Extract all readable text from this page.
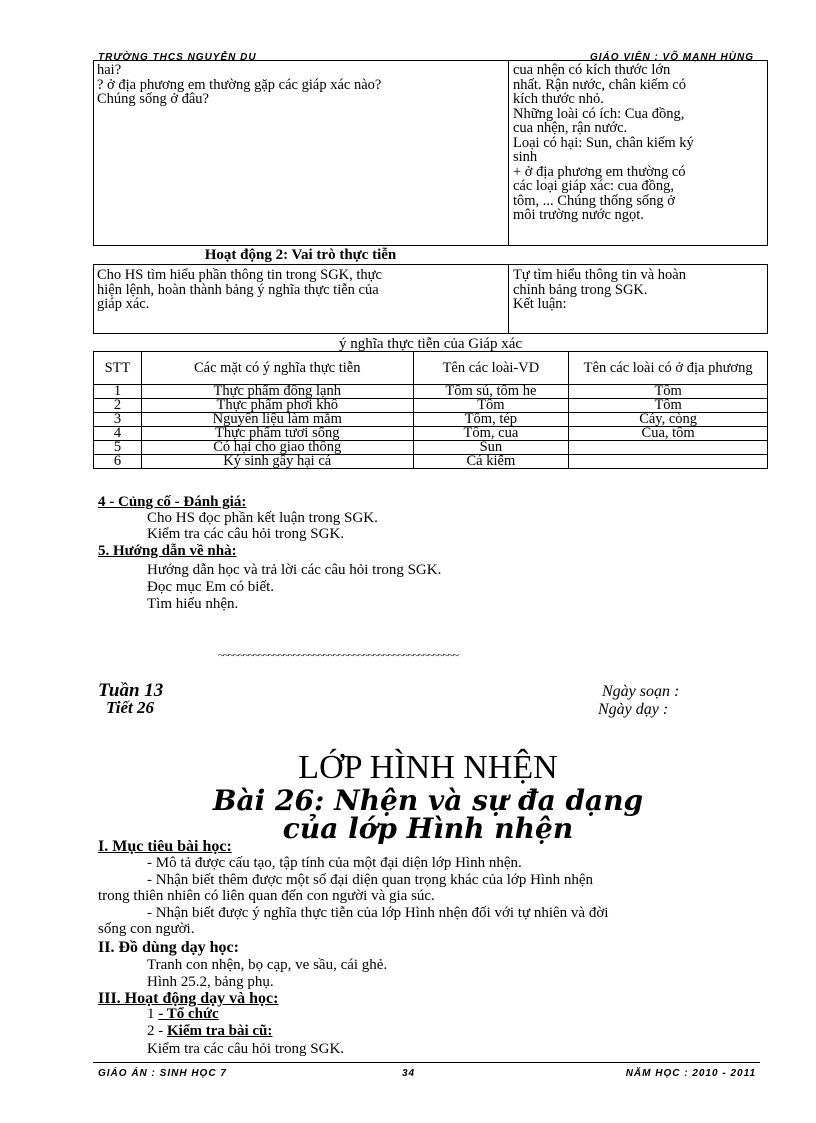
TRƯỜNG THCS NGUYỄN DU	GIÁO VIÊN : VÕ MẠNH HÙNG
hai?
? ở địa phương em thường gặp các giáp xác nào?
Chúng sống ở đâu?
cua nhện có kích thước lớn
nhất. Rận nước, chân kiếm có
kích thước nhỏ.
Những loài có ích: Cua đồng,
cua nhện, rận nước.
Loại có hại: Sun, chân kiếm ký
sinh
+ ở địa phương em thường có
các loại giáp xác: cua đồng,
tôm, ... Chúng thống sống ở
môi trường nước ngọt.
Hoạt động 2: Vai trò thực tiễn
Cho HS tìm hiểu phần thông tin trong SGK, thực
hiện lệnh, hoàn thành bảng ý nghĩa thực tiễn của
giáp xác.
Tự tìm hiểu thông tin và hoàn
chỉnh bảng trong SGK.
Kết luận:
ý nghĩa thực tiễn của Giáp xác
STT	Các mặt có ý nghĩa thực tiễn	Tên các loài-VD	Tên các loài có ở địa phương
1	Thực phẩm đông lạnh	Tôm sú, tôm he	Tôm
2	Thực phẩm phơi khô	Tôm	Tôm
3	Nguyên liệu làm mắm	Tôm, tép	Cáy, còng
4	Thực phẩm tươi sống	Tôm, cua	Cua, tôm
5	Có hại cho giao thông	Sun	
6	Ký sinh gây hại cá	Cá kiếm	
4 - Củng cố - Đánh giá:
Cho HS đọc phần kết luận trong SGK.
Kiểm tra các câu hỏi trong SGK.
5. Hướng dẫn về nhà:
Hướng dẫn học và trả lời các câu hỏi trong SGK.
Đọc mục Em có biết.
Tìm hiểu nhện.
~~~~~~~~~~~~~~~~~~~~~~~~~~~~~~~~~~~~~~~~~~~~~~~~
Tuần 13
Tiết 26
Ngày soạn :
Ngày dạy :
LỚP HÌNH NHỆN
Bài 26: Nhện và sự đa dạng
của lớp Hình nhện
I. Mục tiêu bài học:
- Mô tả được cấu tạo, tập tính của một đại diện lớp Hình nhện.
- Nhận biết thêm được một số đại diện quan trọng khác của lớp Hình nhện
trong thiên nhiên có liên quan đến con người và gia súc.
- Nhận biết được ý nghĩa thực tiễn của lớp Hình nhện đối với tự nhiên và đời
sống con người.
II. Đồ dùng dạy học:
Tranh con nhện, bọ cạp, ve sầu, cái ghẻ.
Hình 25.2, bảng phụ.
III. Hoạt động dạy và học:
1 - Tổ chức
2 - Kiểm tra bài cũ:
Kiểm tra các câu hỏi trong SGK.
GIÁO ÁN : SINH HỌC 7	34	NĂM HỌC : 2010 - 2011
